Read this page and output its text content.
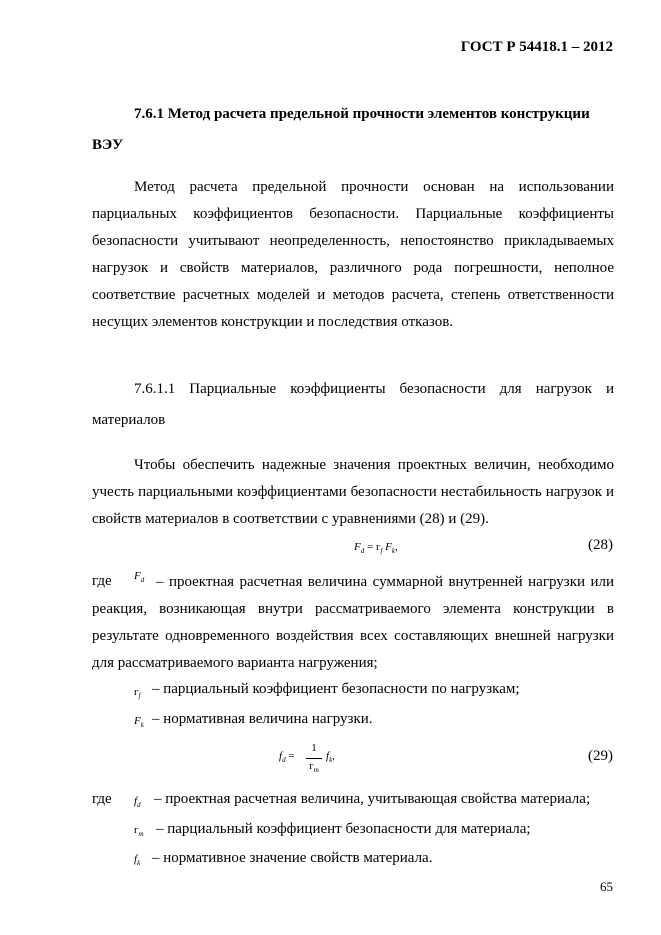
ГОСТ Р 54418.1 – 2012
7.6.1 Метод расчета предельной прочности элементов конструкции ВЭУ
Метод расчета предельной прочности основан на использовании парциальных коэффициентов безопасности. Парциальные коэффициенты безопасности учитывают неопределенность, непостоянство прикладываемых нагрузок и свойств материалов, различного рода погрешности, неполное соответствие расчетных моделей и методов расчета, степень ответственности несущих элементов конструкции и последствия отказов.
7.6.1.1 Парциальные коэффициенты безопасности для нагрузок и материалов
Чтобы обеспечить надежные значения проектных величин, необходимо учесть парциальными коэффициентами безопасности нестабильность нагрузок и свойств материалов в соответствии с уравнениями (28) и (29).
$F_d = г_f$ $F_k$,	(28)
где $F_d$ – проектная расчетная величина суммарной внутренней нагрузки или реакция, возникающая внутри рассматриваемого элемента конструкции в результате одновременного воздействия всех составляющих внешней нагрузки для рассматриваемого варианта нагружения;
$г_f$ – парциальный коэффициент безопасности по нагрузкам;
$F_k$ – нормативная величина нагрузки.
$f_d$ =
1
$г_m$
$f_k$,	(29)
где $f_d$ – проектная расчетная величина, учитывающая свойства материала;
$г_m$ – парциальный коэффициент безопасности для материала;
$f_k$ – нормативное значение свойств материала.
65
